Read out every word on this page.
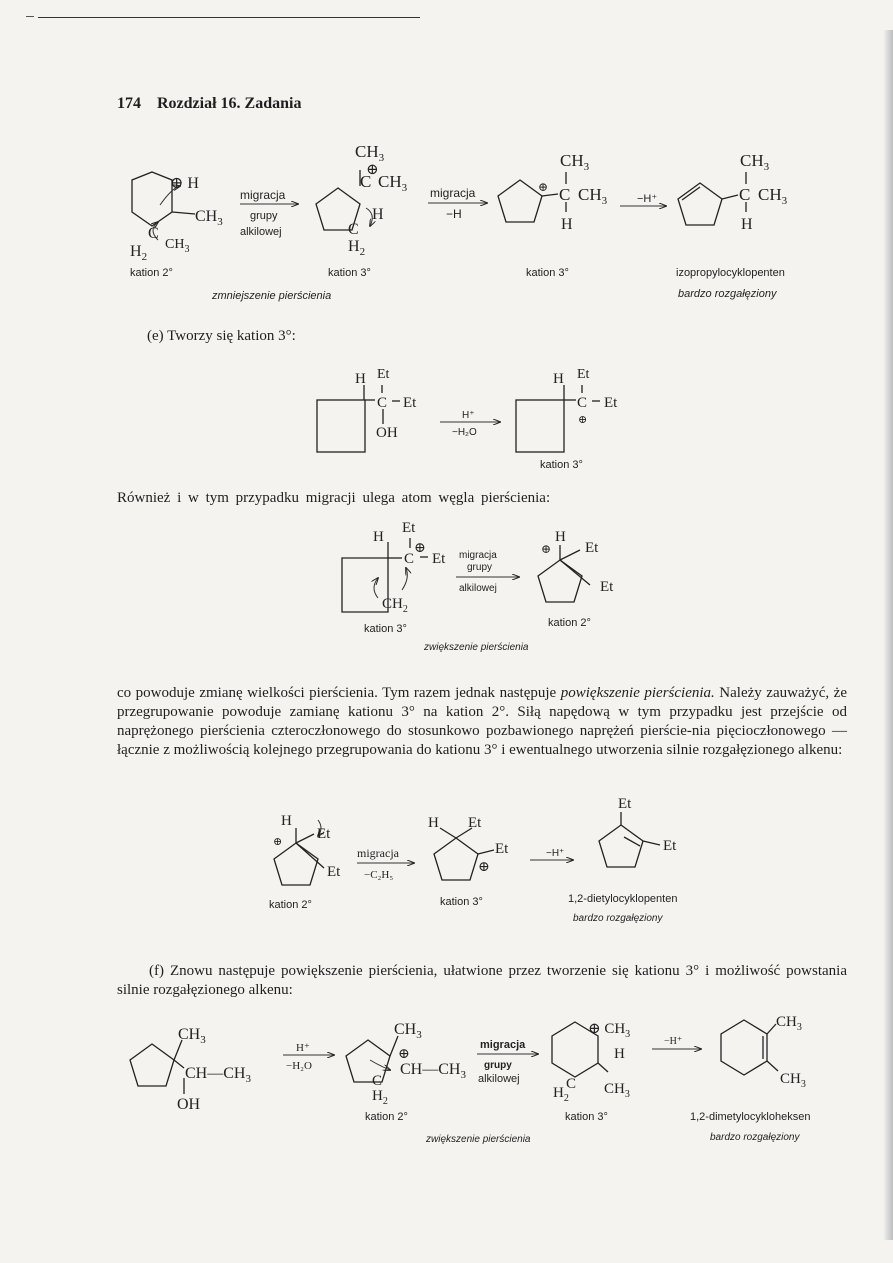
174 Rozdział 16. Zadania
⊕ H
$CH_3$
C
$H_2$
$CH_3$
migracja
grupy
alkilowej
$CH_3$
⊕
C $CH_3$
H
C
$H_2$
migracja
−H
$CH_3$
⊕ C $CH_3$
H
−H⁺
$CH_3$
C $CH_3$
H
kation 2°	kation 3°	kation 3°	izopropylocyklopenten
zmniejszenie pierścienia	bardzo rozgałęziony
(e) Tworzy się kation 3°:
H Et
C Et
OH
H⁺
−H₂O
H Et
C Et
⊕
kation 3°
Również i w tym przypadku migracji ulega atom węgla pierścienia:
H
Et
⊕
C Et
$CH_2$
migracja
grupy
alkilowej
H
⊕ Et
Et
kation 3°	kation 2°
zwiększenie pierścienia
co powoduje zmianę wielkości pierścienia. Tym razem jednak następuje powiększenie pierścienia. Należy zauważyć, że przegrupowanie powoduje zamianę kationu 3° na kation 2°. Siłą napędową w tym przypadku jest przejście od naprężonego pierścienia czteroczłonowego do stosunkowo pozbawionego naprężeń pierście-nia pięcioczłonowego — łącznie z możliwością kolejnego przegrupowania do kationu 3° i ewentualnego utworzenia silnie rozgałęzionego alkenu:
H
⊕ Et
Et
migracja
−C₂H₅
H Et
Et
⊕
−H⁺
Et
Et
kation 2°	kation 3°	1,2-dietylocyklopenten
bardzo rozgałęziony
(f) Znowu następuje powiększenie pierścienia, ułatwione przez tworzenie się kationu 3° i możliwość powstania silnie rozgałęzionego alkenu:
$CH_3$
$CH—CH_3$
OH
H⁺
−H₂O
$CH_3$
⊕
$CH—CH_3$
C
$H_2$
migracja
grupy
alkilowej
⊕ $CH_3$
H
C
$H_2$
$CH_3$
−H⁺
$CH_3$
$CH_3$
kation 2°	kation 3°	1,2-dimetylocykloheksen
zwiększenie pierścienia	bardzo rozgałęziony
